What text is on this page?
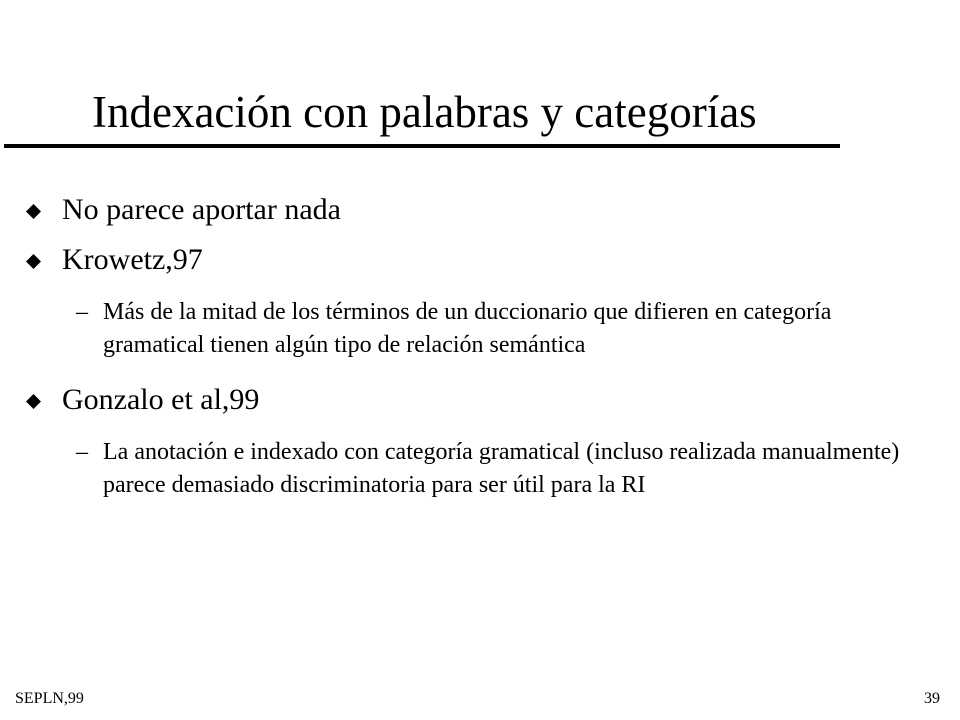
Indexación con palabras y categorías
No parece aportar nada
Krowetz,97
– Más de la mitad de los términos de un duccionario que difieren en categoría gramatical tienen algún tipo de relación semántica
Gonzalo et al,99
– La anotación e indexado con categoría gramatical (incluso realizada manualmente) parece demasiado discriminatoria para ser útil para la RI
SEPLN,99	39
